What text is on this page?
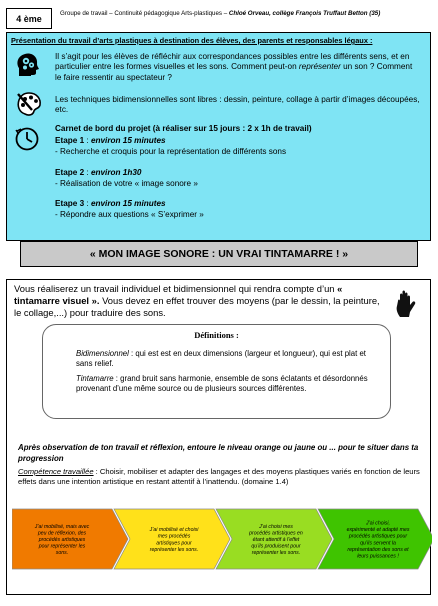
4 ème	Groupe de travail – Continuité pédagogique Arts-plastiques – Chloé Orveau, collège François Truffaut Betton (35)
Présentation du travail d’arts plastiques à destination des élèves, des parents et responsables légaux :
Il s’agit pour les élèves de réfléchir aux correspondances possibles entre les différents sens, et en particulier entre les formes visuelles et les sons. Comment peut-on représenter un son ? Comment le faire ressentir au spectateur ?
Les techniques bidimensionnelles sont libres : dessin, peinture, collage à partir d’images découpées, etc.
Carnet de bord du projet (à réaliser sur 15 jours : 2 x 1h de travail)
Etape 1 : environ 15 minutes
- Recherche et croquis pour la représentation de différents sons
Etape 2 : environ 1h30
- Réalisation de votre « image sonore »
Etape 3 : environ 15 minutes
- Répondre aux questions « S’exprimer »
« MON IMAGE SONORE : UN VRAI TINTAMARRE ! »
Vous réaliserez un travail individuel et bidimensionnel qui rendra compte d’un « tintamarre visuel ». Vous devez en effet trouver des moyens (par le dessin, la peinture, le collage,...) pour traduire des sons.
Définitions :
Bidimensionnel : qui est est en deux dimensions (largeur et longueur), qui est plat et sans relief.
Tintamarre : grand bruit sans harmonie, ensemble de sons éclatants et désordonnés provenant d’une même source ou de plusieurs sources différentes.
Après observation de ton travail et réflexion, entoure le niveau orange ou jaune ou ... pour te situer dans ta progression
Compétence travaillée : Choisir, mobiliser et adapter des langages et des moyens plastiques variés en fonction de leurs effets dans une intention artistique en restant attentif à l’inattendu. (domaine 1.4)
J’ai mobilisé, mais avec
peu de réflexion, des
procédés artistiques
pour représenter les
sons.
J’ai mobilisé et choisi
mes procédés
artistiques pour
représenter les sons.
J’ai choisi mes
procédés artistiques en
étant attentif à l’effet
qu’ils produisent pour
représenter les sons.
J’ai choisi,
expérimenté et adapté mes
procédés artistiques pour
qu’ils servent la
représentation des sons et
leurs puissances !
